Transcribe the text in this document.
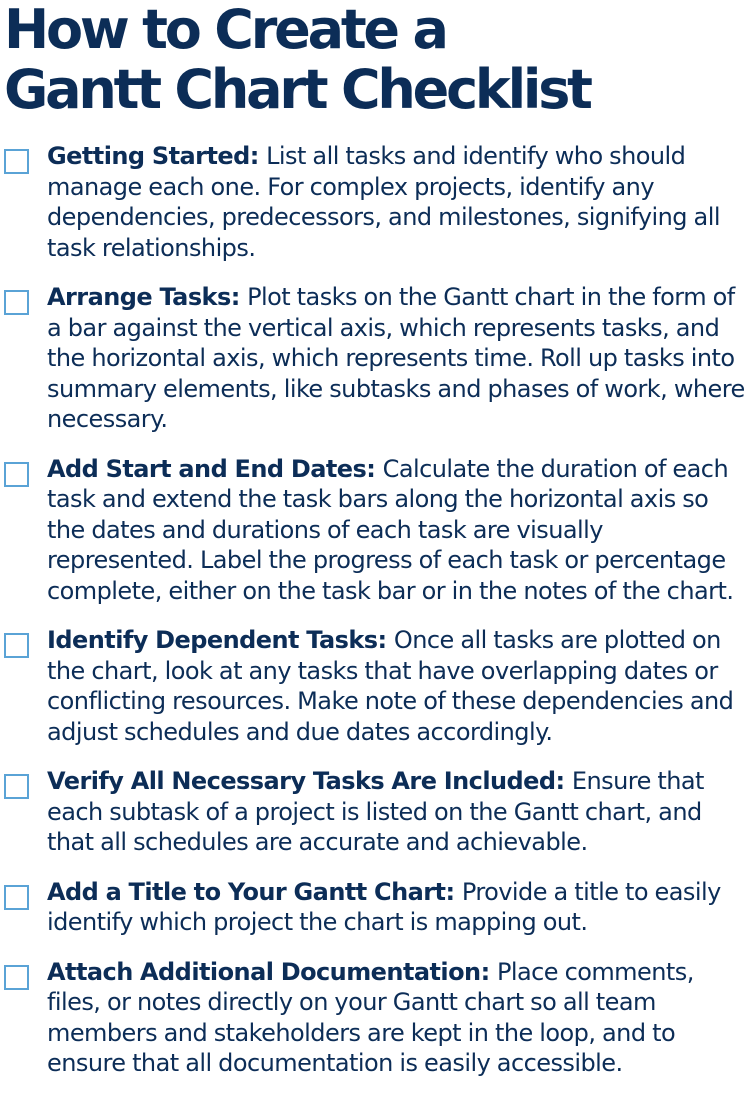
How to Create a
Gantt Chart Checklist
Getting Started: List all tasks and identify who should manage each one. For complex projects, identify any dependencies, predecessors, and milestones, signifying all task relationships.
Arrange Tasks: Plot tasks on the Gantt chart in the form of a bar against the vertical axis, which represents tasks, and the horizontal axis, which represents time. Roll up tasks into summary elements, like subtasks and phases of work, where necessary.
Add Start and End Dates: Calculate the duration of each task and extend the task bars along the horizontal axis so the dates and durations of each task are visually represented. Label the progress of each task or percentage complete, either on the task bar or in the notes of the chart.
Identify Dependent Tasks: Once all tasks are plotted on the chart, look at any tasks that have overlapping dates or conflicting resources. Make note of these dependencies and adjust schedules and due dates accordingly.
Verify All Necessary Tasks Are Included: Ensure that each subtask of a project is listed on the Gantt chart, and that all schedules are accurate and achievable.
Add a Title to Your Gantt Chart: Provide a title to easily identify which project the chart is mapping out.
Attach Additional Documentation: Place comments, files, or notes directly on your Gantt chart so all team members and stakeholders are kept in the loop, and to ensure that all documentation is easily accessible.
